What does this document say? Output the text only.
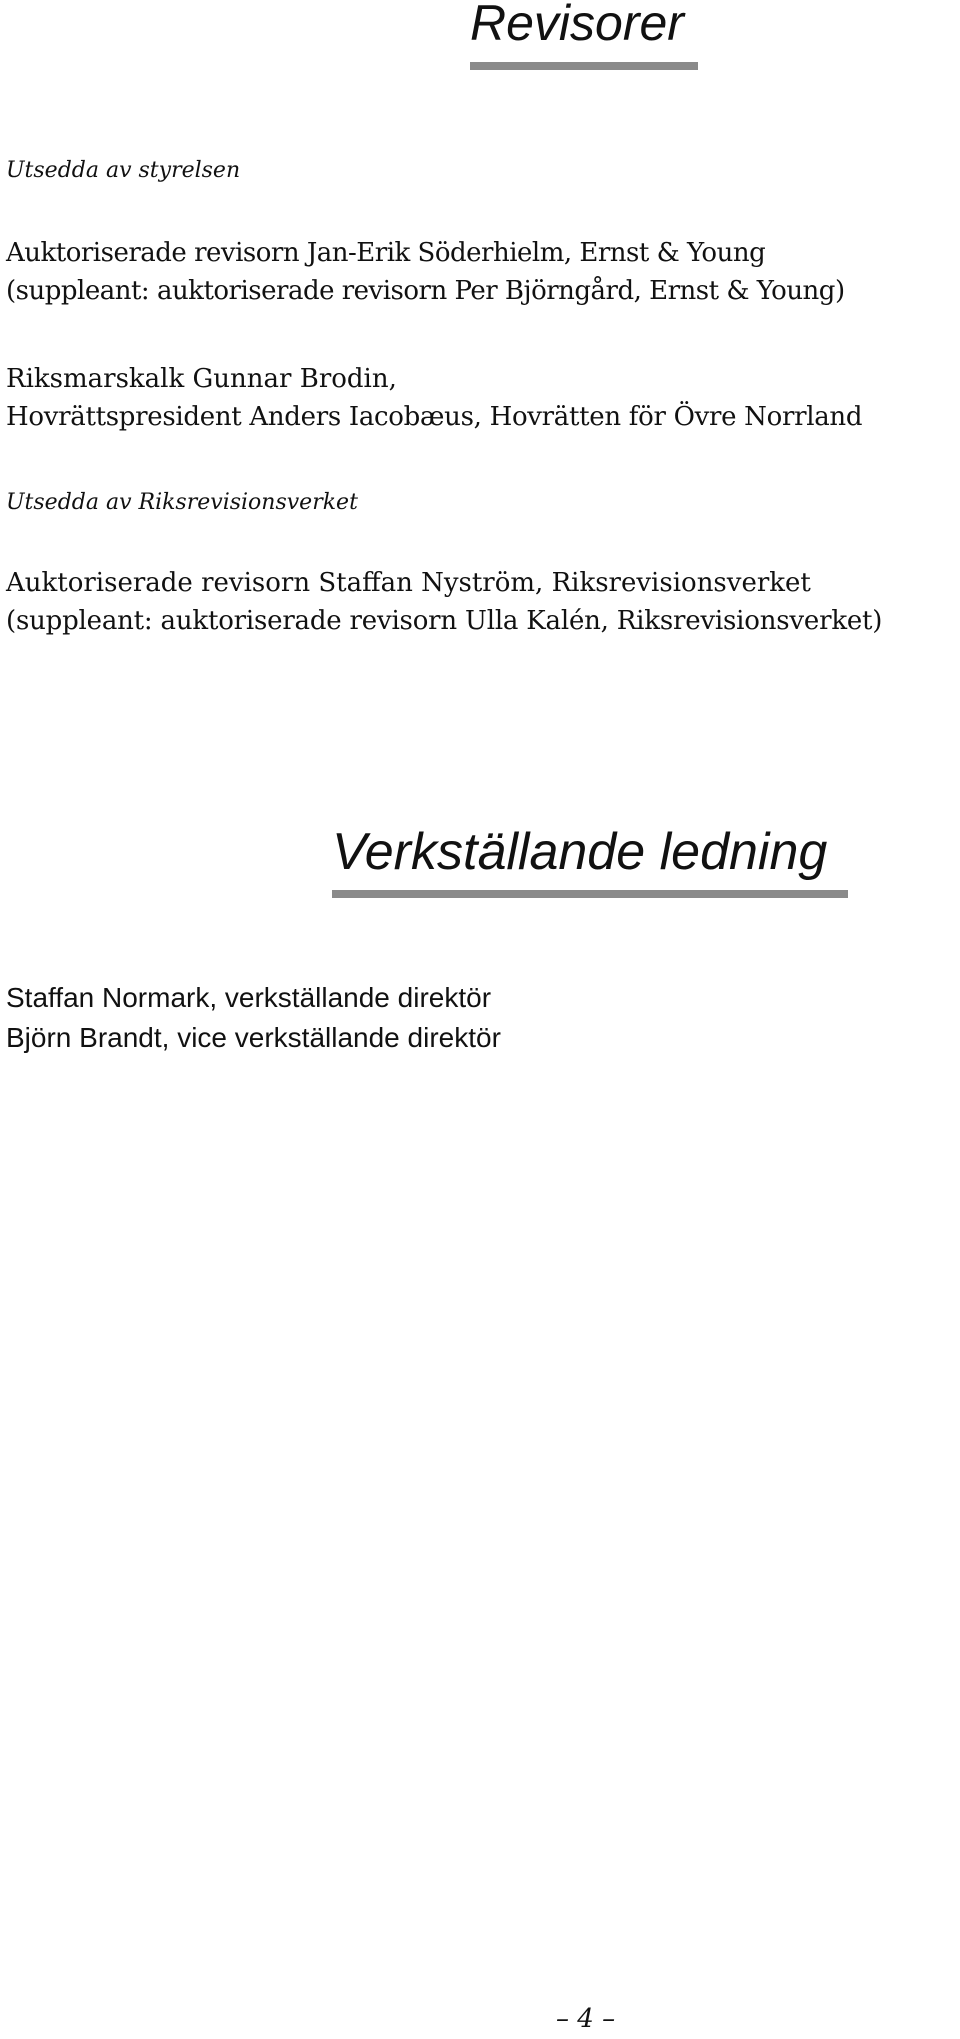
Revisorer
Utsedda av styrelsen
Auktoriserade revisorn Jan-Erik Söderhielm, Ernst & Young
(suppleant: auktoriserade revisorn Per Björngård, Ernst & Young)
Riksmarskalk Gunnar Brodin,
Hovrättspresident Anders Iacobæus, Hovrätten för Övre Norrland
Utsedda av Riksrevisionsverket
Auktoriserade revisorn Staffan Nyström, Riksrevisionsverket
(suppleant: auktoriserade revisorn Ulla Kalén, Riksrevisionsverket)
Verkställande ledning
Staffan Normark, verkställande direktör
Björn Brandt, vice verkställande direktör
– 4 –
